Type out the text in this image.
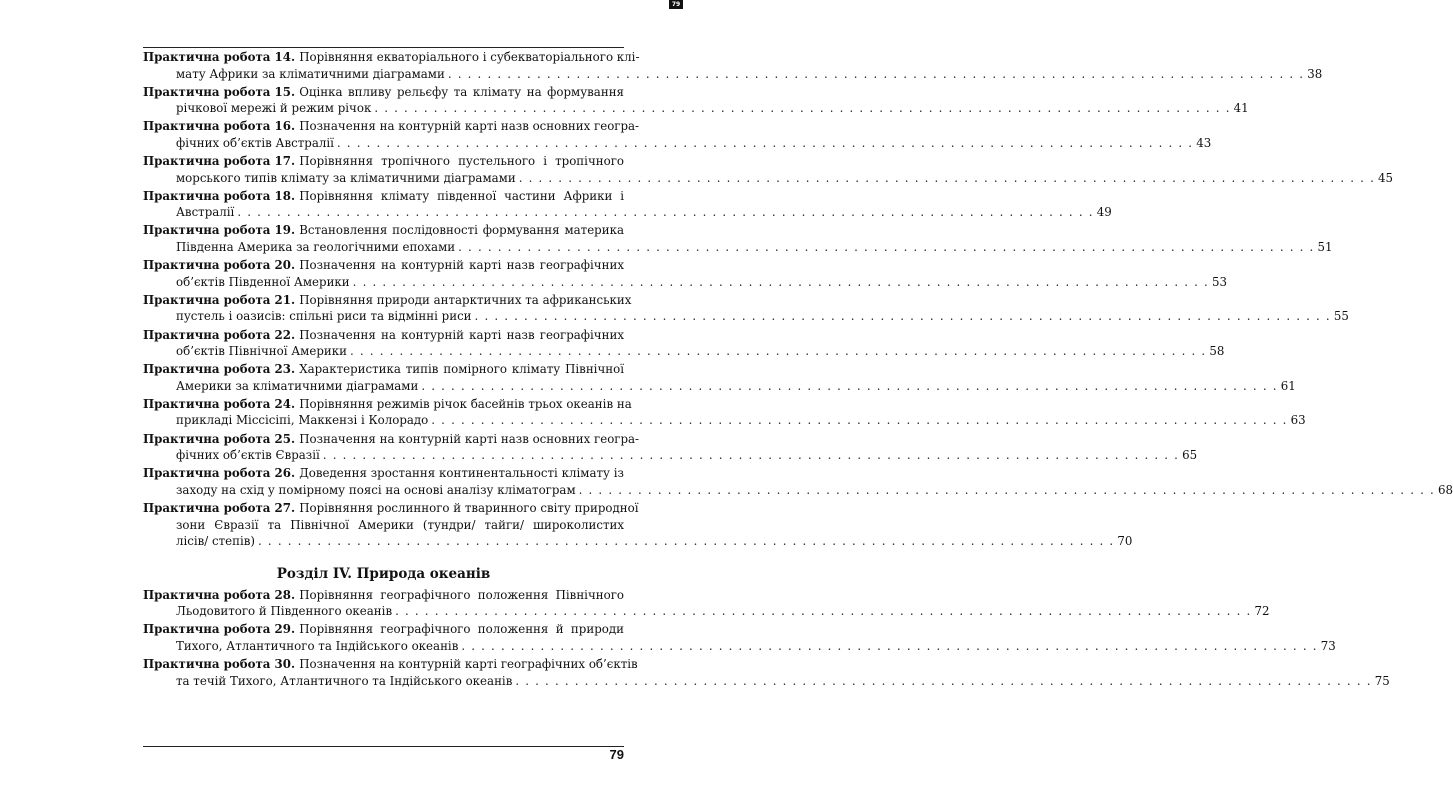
79
Практична робота 14. Порівняння екваторіального і субекваторіального клі-
мату Африки за кліматичними діаграмами . . .	38
Практична робота 15. Оцінка впливу рельєфу та клімату на формування
річкової мережі й режим річок . . .	41
Практична робота 16. Позначення на контурній карті назв основних геогра-
фічних об’єктів Австралії . . .	43
Практична робота 17. Порівняння тропічного пустельного і тропічного
морського типів клімату за кліматичними діаграмами . . .	45
Практична робота 18. Порівняння клімату південної частини Африки і
Австралії . . .	49
Практична робота 19. Встановлення послідовності формування материка
Південна Америка за геологічними епохами . . .	51
Практична робота 20. Позначення на контурній карті назв географічних
об’єктів Південної Америки . . .	53
Практична робота 21. Порівняння природи антарктичних та африканських
пустель і оазисів: спільні риси та відмінні риси . . .	55
Практична робота 22. Позначення на контурній карті назв географічних
об’єктів Північної Америки . . .	58
Практична робота 23. Характеристика типів помірного клімату Північної
Америки за кліматичними діаграмами . . .	61
Практична робота 24. Порівняння режимів річок басейнів трьох океанів на
прикладі Міссісіпі, Маккензі і Колорадо . . .	63
Практична робота 25. Позначення на контурній карті назв основних геогра-
фічних об’єктів Євразії . . .	65
Практична робота 26. Доведення зростання континентальності клімату із
заходу на схід у помірному поясі на основі аналізу кліматограм . . .	68
Практична робота 27. Порівняння рослинного й тваринного світу природної
зони Євразії та Північної Америки (тундри/ тайги/ широколистих
лісів/ степів) . . .	70
Розділ IV. Природа океанів
Практична робота 28. Порівняння географічного положення Північного
Льодовитого й Південного океанів . . .	72
Практична робота 29. Порівняння географічного положення й природи
Тихого, Атлантичного та Індійського океанів . . .	73
Практична робота 30. Позначення на контурній карті географічних об’єктів
та течій Тихого, Атлантичного та Індійського океанів . . .	75
79
